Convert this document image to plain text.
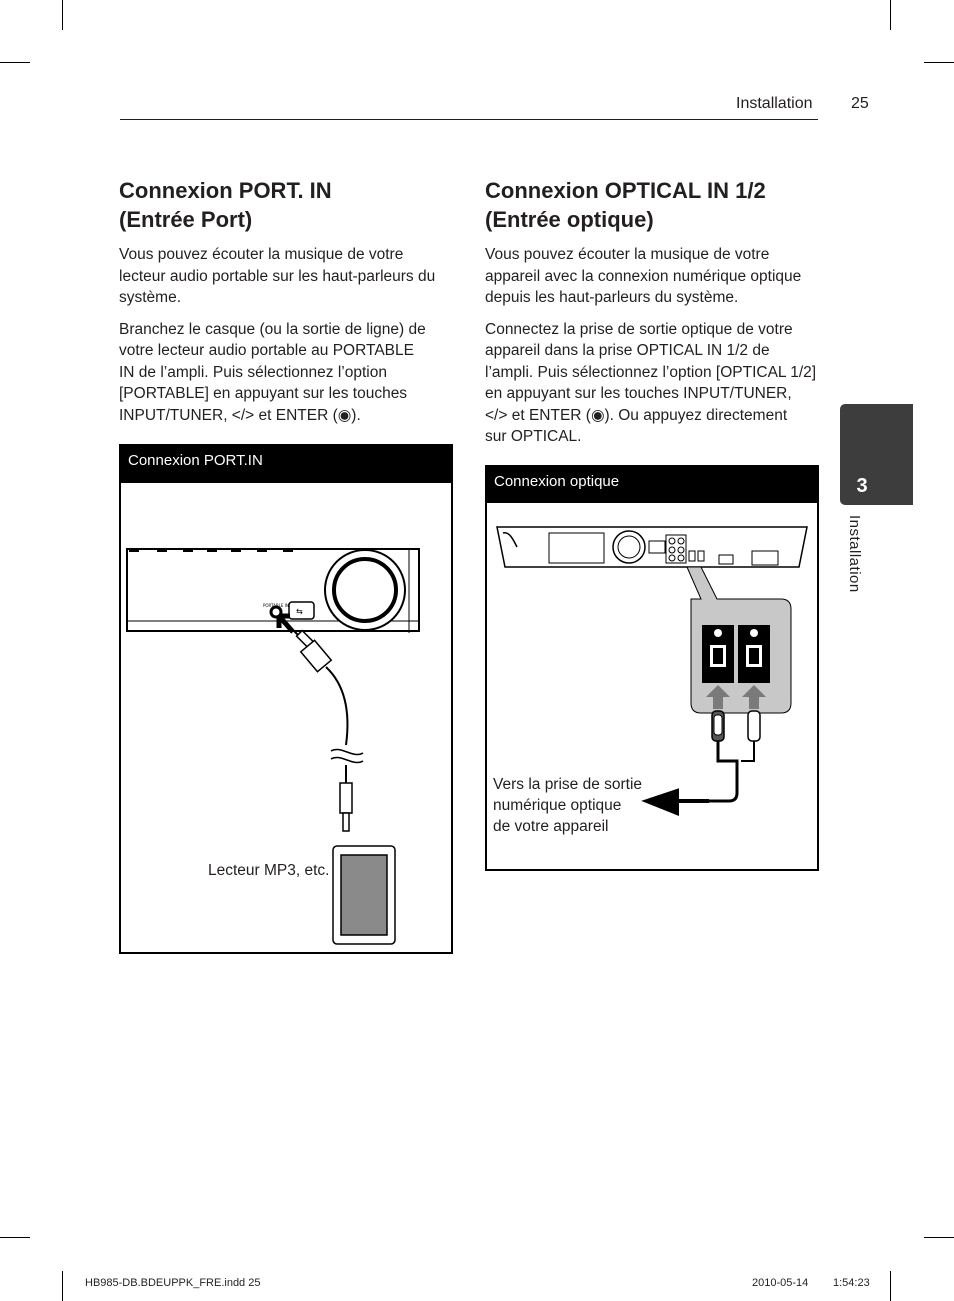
Installation 25
Connexion PORT. IN
(Entrée Port)

Vous pouvez écouter la musique de votre lecteur audio portable sur les haut-parleurs du système.

Branchez le casque (ou la sortie de ligne) de
votre lecteur audio portable au PORTABLE
IN de l’ampli. Puis sélectionnez l’option
[PORTABLE] en appuyant sur les touches
INPUT/TUNER, </> et ENTER (◉).

Connexion PORT.IN
⇆
PORTABLE IN
Lecteur MP3, etc.
Connexion OPTICAL IN 1/2
(Entrée optique)

Vous pouvez écouter la musique de votre appareil avec la connexion numérique optique depuis les haut-parleurs du système.

Connectez la prise de sortie optique de votre
appareil dans la prise OPTICAL IN 1/2 de
l’ampli. Puis sélectionnez l’option [OPTICAL 1/2]
en appuyant sur les touches INPUT/TUNER,
</> et ENTER (◉). Ou appuyez directement
sur OPTICAL.

Connexion optique
Vers la prise de sortie
numérique optique
de votre appareil
3
Installation
HB985-DB.BDEUPPK_FRE.indd 25	2010-05-14 1:54:23
